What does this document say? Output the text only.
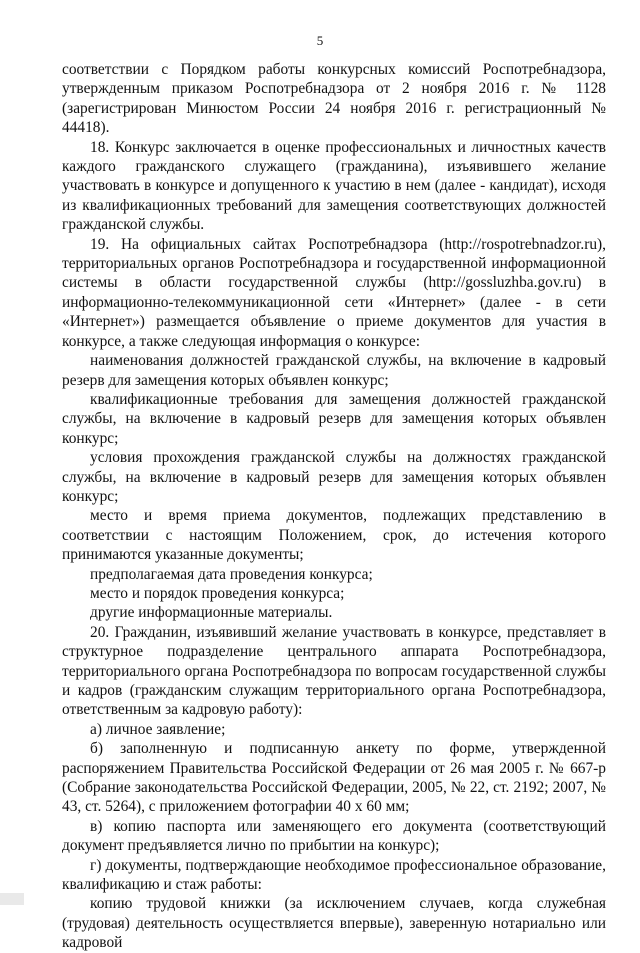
5

соответствии с Порядком работы конкурсных комиссий Роспотребнадзора, утвержденным приказом Роспотребнадзора от 2 ноября 2016 г. № 1128 (зарегистрирован Минюстом России 24 ноября 2016 г. регистрационный № 44418).

18. Конкурс заключается в оценке профессиональных и личностных качеств каждого гражданского служащего (гражданина), изъявившего желание участвовать в конкурсе и допущенного к участию в нем (далее - кандидат), исходя из квалификационных требований для замещения соответствующих должностей гражданской службы.

19. На официальных сайтах Роспотребнадзора (http://rospotrebnadzor.ru), территориальных органов Роспотребнадзора и государственной информационной системы в области государственной службы (http://gossluzhba.gov.ru) в информационно-телекоммуникационной сети «Интернет» (далее - в сети «Интернет») размещается объявление о приеме документов для участия в конкурсе, а также следующая информация о конкурсе:

наименования должностей гражданской службы, на включение в кадровый резерв для замещения которых объявлен конкурс;

квалификационные требования для замещения должностей гражданской службы, на включение в кадровый резерв для замещения которых объявлен конкурс;

условия прохождения гражданской службы на должностях гражданской службы, на включение в кадровый резерв для замещения которых объявлен конкурс;

место и время приема документов, подлежащих представлению в соответствии с настоящим Положением, срок, до истечения которого принимаются указанные документы;

предполагаемая дата проведения конкурса;

место и порядок проведения конкурса;

другие информационные материалы.

20. Гражданин, изъявивший желание участвовать в конкурсе, представляет в структурное подразделение центрального аппарата Роспотребнадзора, территориального органа Роспотребнадзора по вопросам государственной службы и кадров (гражданским служащим территориального органа Роспотребнадзора, ответственным за кадровую работу):

а) личное заявление;

б) заполненную и подписанную анкету по форме, утвержденной распоряжением Правительства Российской Федерации от 26 мая 2005 г. № 667-р (Собрание законодательства Российской Федерации, 2005, № 22, ст. 2192; 2007, № 43, ст. 5264), с приложением фотографии 40 х 60 мм;

в) копию паспорта или заменяющего его документа (соответствующий документ предъявляется лично по прибытии на конкурс);

г) документы, подтверждающие необходимое профессиональное образование, квалификацию и стаж работы:

копию трудовой книжки (за исключением случаев, когда служебная (трудовая) деятельность осуществляется впервые), заверенную нотариально или кадровой
